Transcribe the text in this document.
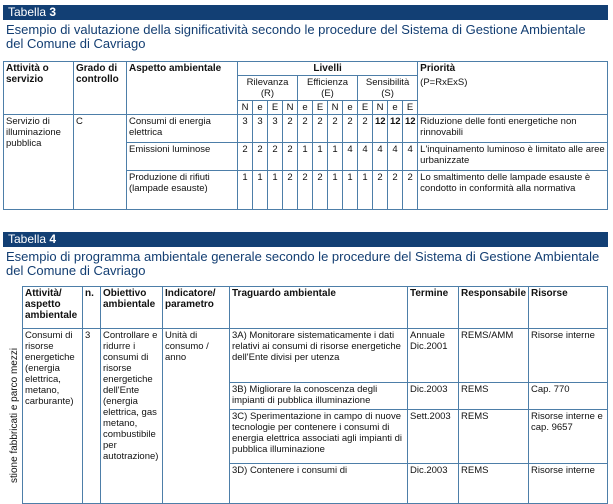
Tabella 3
Esempio di valutazione della significatività secondo le procedure del Sistema di Gestione Ambientale del Comune di Cavriago
Attività o servizio	Grado di controllo	Aspetto ambientale	Livelli												Priorità
			Rilevanza (R)				Efficienza (E)				Sensibilità (S)				(P=RxExS)
			N	e	E	N	e	E	N	e	E	N	e	E	
Servizio di illuminazione pubblica	C	Consumi di energia elettrica	3	3	3	2	2	2	2	2	2	12	12	12	Riduzione delle fonti energetiche non rinnovabili
		Emissioni luminose	2	2	2	2	1	1	1	4	4	4	4	4	L'inquinamento luminoso è limitato alle aree urbanizzate
		Produzione di rifiuti (lampade esauste)	1	1	1	2	2	2	1	1	1	2	2	2	Lo smaltimento delle lampade esauste è condotto in conformità alla normativa
Tabella 4
Esempio di programma ambientale generale secondo le procedure del Sistema di Gestione Ambientale del Comune di Cavriago
stione fabbricati e parco mezzi
Attività/ aspetto ambientale	n.	Obiettivo ambientale	Indicatore/ parametro	Traguardo ambientale	Termine	Responsabile	Risorse
Consumi di risorse energetiche (energia elettrica, metano, carburante)	3	Controllare e ridurre i consumi di risorse energetiche dell'Ente (energia elettrica, gas metano, combustibile per autotrazione)	Unità di consumo / anno	3A) Monitorare sistematicamente i dati relativi ai consumi di risorse energetiche dell'Ente divisi per utenza	Annuale Dic.2001	REMS/AMM	Risorse interne
				3B) Migliorare la conoscenza degli impianti di pubblica illuminazione	Dic.2003	REMS	Cap. 770
				3C) Sperimentazione in campo di nuove tecnologie per contenere i consumi di energia elettrica associati agli impianti di pubblica illuminazione	Sett.2003	REMS	Risorse interne e cap. 9657
				3D) Contenere i consumi di	Dic.2003	REMS	Risorse interne
